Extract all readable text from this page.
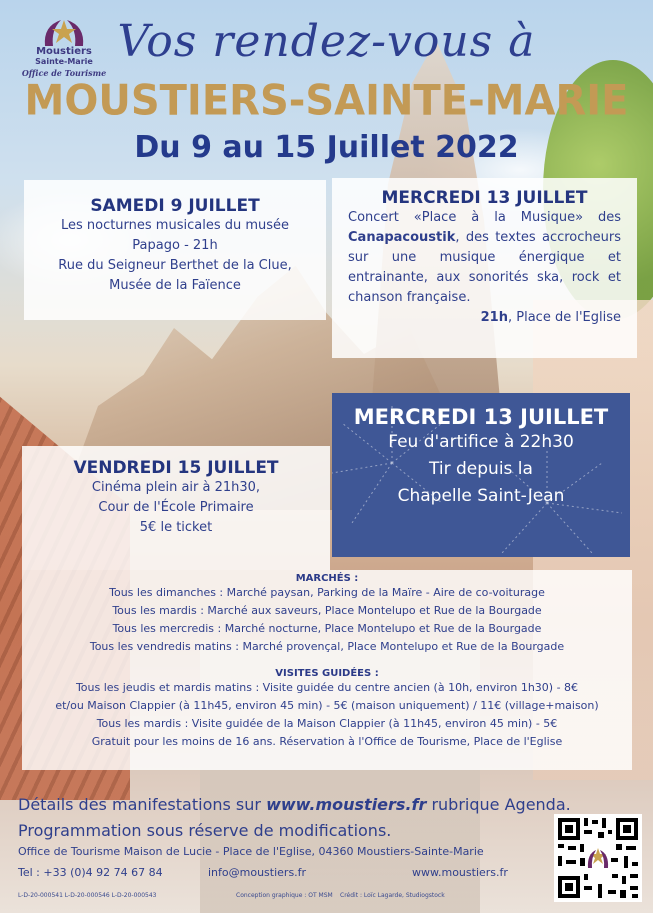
Moustiers
Sainte-Marie
Office de Tourisme
Vos rendez-vous à
MOUSTIERS-SAINTE-MARIE
Du 9 au 15 Juillet 2022
SAMEDI 9 JUILLET

Les nocturnes musicales du musée

Papago - 21h

Rue du Seigneur Berthet de la Clue,

Musée de la Faïence

MERCREDI 13 JUILLET

Concert «Place à la Musique» des Canapacoustik, des textes accrocheurs sur une musique énergique et entrainante, aux sonorités ska, rock et chanson française.

21h, Place de l'Eglise

MERCREDI 13 JUILLET

Feu d'artifice à 22h30

Tir depuis la

Chapelle Saint-Jean

VENDREDI 15 JUILLET

Cinéma plein air à 21h30,

Cour de l'École Primaire

5€ le ticket

MARCHÉS :
Tous les dimanches : Marché paysan, Parking de la Maïre - Aire de co-voiturage
Tous les mardis : Marché aux saveurs, Place Montelupo et Rue de la Bourgade
Tous les mercredis : Marché nocturne, Place Montelupo et Rue de la Bourgade
Tous les vendredis matins : Marché provençal, Place Montelupo et Rue de la Bourgade
VISITES GUIDÉES :
Tous les jeudis et mardis matins : Visite guidée du centre ancien (à 10h, environ 1h30) - 8€
et/ou Maison Clappier (à 11h45, environ 45 min) - 5€ (maison uniquement) / 11€ (village+maison)
Tous les mardis : Visite guidée de la Maison Clappier (à 11h45, environ 45 min) - 5€
Gratuit pour les moins de 16 ans. Réservation à l'Office de Tourisme, Place de l'Eglise
Détails des manifestations sur www.moustiers.fr rubrique Agenda.
Programmation sous réserve de modifications.
Office de Tourisme Maison de Lucie - Place de l'Eglise, 04360 Moustiers-Sainte-Marie
Tel : +33 (0)4 92 74 67 84	info@moustiers.fr	www.moustiers.fr
L-D-20-000541 L-D-20-000546 L-D-20-000543	Conception graphique : OT MSM Crédit : Loïc Lagarde, Studiogstock
